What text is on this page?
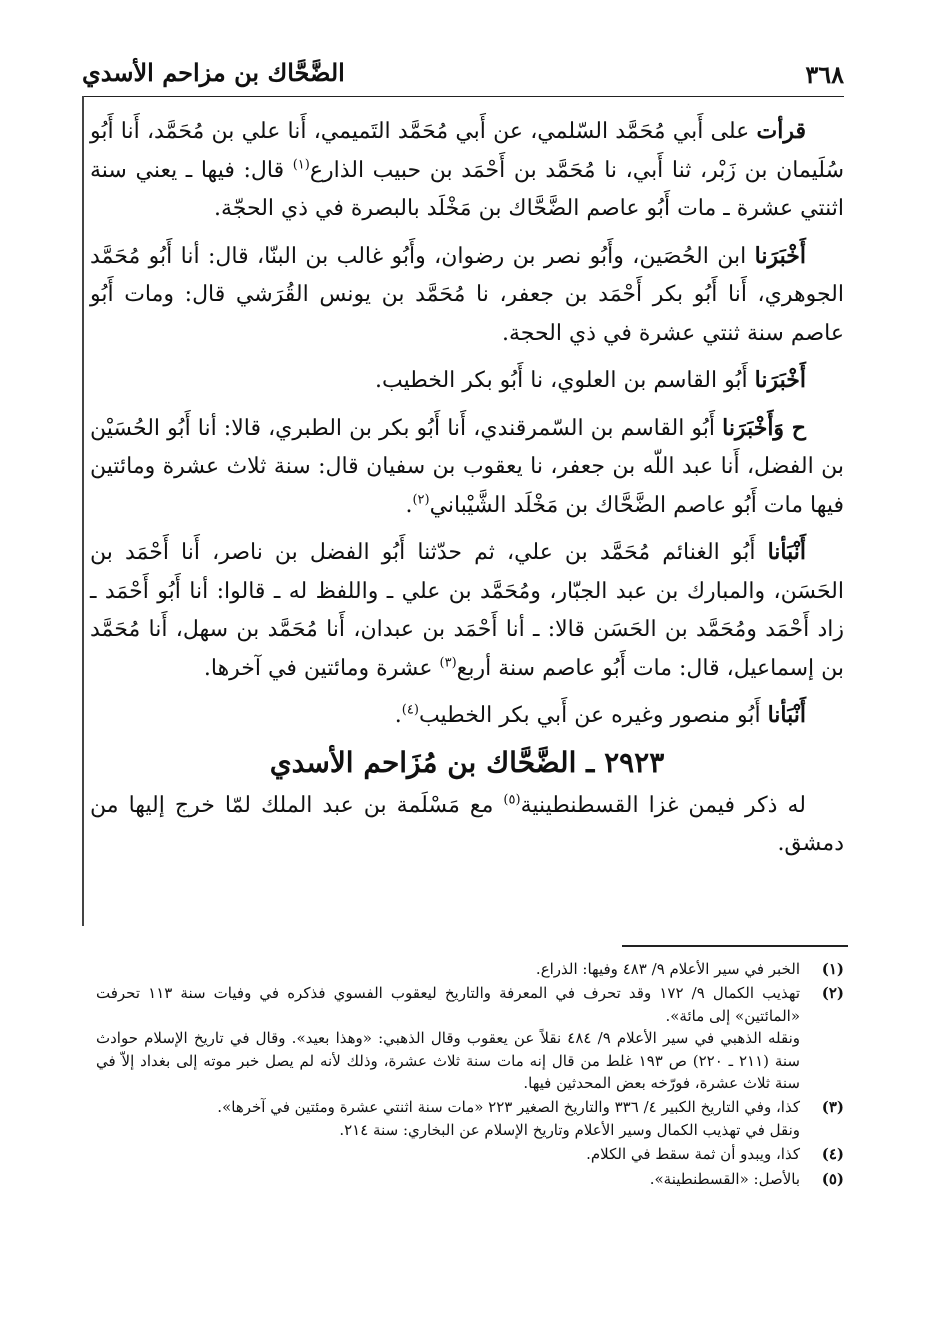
٣٦٨
الضَّحَّاك بن مزاحم الأسدي

قرأت على أَبي مُحَمَّد السّلمي، عن أَبي مُحَمَّد التَميمي، أَنا علي بن مُحَمَّد، أَنا أَبُو سُلَيمان بن زَبْر، ثنا أَبي، نا مُحَمَّد بن أَحْمَد بن حبيب الذارع$^{(١)}$ قال: فيها ـ يعني سنة اثنتي عشرة ـ مات أَبُو عاصم الضَّحَّاك بن مَخْلَد بالبصرة في ذي الحجّة.

أَخْبَرَنا ابن الحُصَين، وأَبُو نصر بن رضوان، وأَبُو غالب بن البنّا، قال: أنا أَبُو مُحَمَّد الجوهري، أَنا أَبُو بكر أَحْمَد بن جعفر، نا مُحَمَّد بن يونس القُرَشي قال: ومات أَبُو عاصم سنة ثنتي عشرة في ذي الحجة.

أَخْبَرَنا أَبُو القاسم بن العلوي، نا أَبُو بكر الخطيب.

ح وَأَخْبَرَنا أَبُو القاسم بن السّمرقندي، أَنا أَبُو بكر بن الطبري، قالا: أنا أَبُو الحُسَيْن بن الفضل، أَنا عبد اللّه بن جعفر، نا يعقوب بن سفيان قال: سنة ثلاث عشرة ومائتين فيها مات أَبُو عاصم الضَّحَّاك بن مَخْلَد الشَّيْباني$^{(٢)}$.

أَنْبَأنا أَبُو الغنائم مُحَمَّد بن علي، ثم حدّثنا أَبُو الفضل بن ناصر، أَنا أَحْمَد بن الحَسَن، والمبارك بن عبد الجبّار، ومُحَمَّد بن علي ـ واللفظ له ـ قالوا: أنا أَبُو أَحْمَد ـ زاد أَحْمَد ومُحَمَّد بن الحَسَن قالا: ـ أنا أَحْمَد بن عبدان، أَنا مُحَمَّد بن سهل، أَنا مُحَمَّد بن إسماعيل، قال: مات أَبُو عاصم سنة أربع$^{(٣)}$ عشرة ومائتين في آخرها.

أَنْبَأنا أَبُو منصور وغيره عن أَبي بكر الخطيب$^{(٤)}$.

٢٩٢٣ ـ الضَّحَّاك بن مُزَاحم الأسدي

له ذكر فيمن غزا القسطنطينية$^{(٥)}$ مع مَسْلَمة بن عبد الملك لمّا خرج إليها من دمشق.

(١)
الخبر في سير الأعلام ٩/ ٤٨٣ وفيها: الذراع.
(٢)
تهذيب الكمال ٩/ ١٧٢ وقد تحرف في المعرفة والتاريخ ليعقوب الفسوي فذكره في وفيات سنة ١١٣ تحرفت «المائتين» إلى مائة».
ونقله الذهبي في سير الأعلام ٩/ ٤٨٤ نقلاً عن يعقوب وقال الذهبي: «وهذا بعيد». وقال في تاريخ الإسلام حوادث سنة (٢١١ ـ ٢٢٠) ص ١٩٣ غلط من قال إنه مات سنة ثلاث عشرة، وذلك لأنه لم يصل خبر موته إلى بغداد إلاّ في سنة ثلاث عشرة، فورّخه بعض المحدثين فيها.
(٣)
كذا، وفي التاريخ الكبير ٤/ ٣٣٦ والتاريخ الصغير ٢٢٣ «مات سنة اثنتي عشرة ومئتين في آخرها».
ونقل في تهذيب الكمال وسير الأعلام وتاريخ الإسلام عن البخاري: سنة ٢١٤.
(٤)
كذا، ويبدو أن ثمة سقط في الكلام.
(٥)
بالأصل: «القسطنطينة».
